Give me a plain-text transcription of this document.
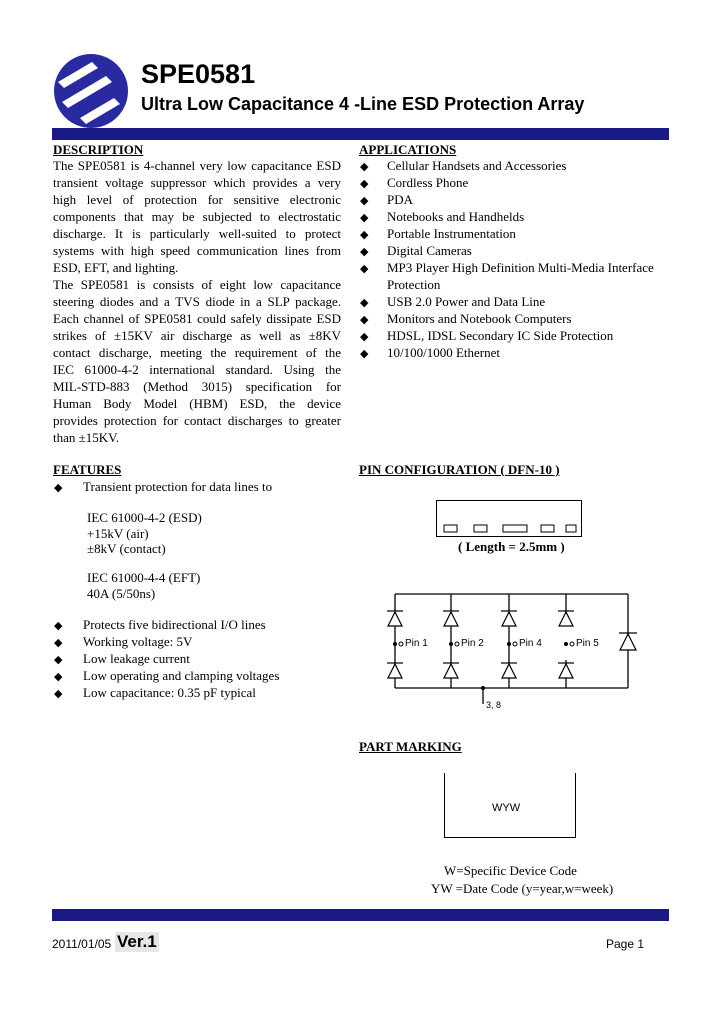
SPE0581
Ultra Low Capacitance 4 -Line ESD Protection Array
DESCRIPTION
The SPE0581 is 4-channel very low capacitance ESD
transient voltage suppressor which provides a very
high level of protection for sensitive electronic
components that may be subjected to electrostatic
discharge. It is particularly well-suited to protect
systems with high speed communication lines from
ESD, EFT, and lighting.
The SPE0581 is consists of eight low capacitance
steering diodes and a TVS diode in a SLP package.
Each channel of SPE0581 could safely dissipate ESD
strikes of ±15KV air discharge as well as ±8KV
contact discharge, meeting the requirement of the
IEC 61000-4-2 international standard. Using the
MIL-STD-883 (Method 3015) specification for
Human Body Model (HBM) ESD, the device
provides protection for contact discharges to greater
than ±15KV.
APPLICATIONS
◆ Cellular Handsets and Accessories
◆ Cordless Phone
◆ PDA
◆ Notebooks and Handhelds
◆ Portable Instrumentation
◆ Digital Cameras
◆ MP3 Player High Definition Multi-Media Interface
Protection
◆ USB 2.0 Power and Data Line
◆ Monitors and Notebook Computers
◆ HDSL, IDSL Secondary IC Side Protection
◆ 10/100/1000 Ethernet
FEATURES
◆ Transient protection for data lines to
IEC 61000-4-2 (ESD)
+15kV (air)
±8kV (contact)
IEC 61000-4-4 (EFT)
40A (5/50ns)
◆ Protects five bidirectional I/O lines
◆ Working voltage: 5V
◆ Low leakage current
◆ Low operating and clamping voltages
◆ Low capacitance: 0.35 pF typical
PIN CONFIGURATION ( DFN-10 )
( Length = 2.5mm )
Pin 1	Pin 2	Pin 4	Pin 5
3, 8
PART MARKING
WYW
W=Specific Device Code
YW =Date Code (y=year,w=week)
2011/01/05 Ver.1	Page 1
